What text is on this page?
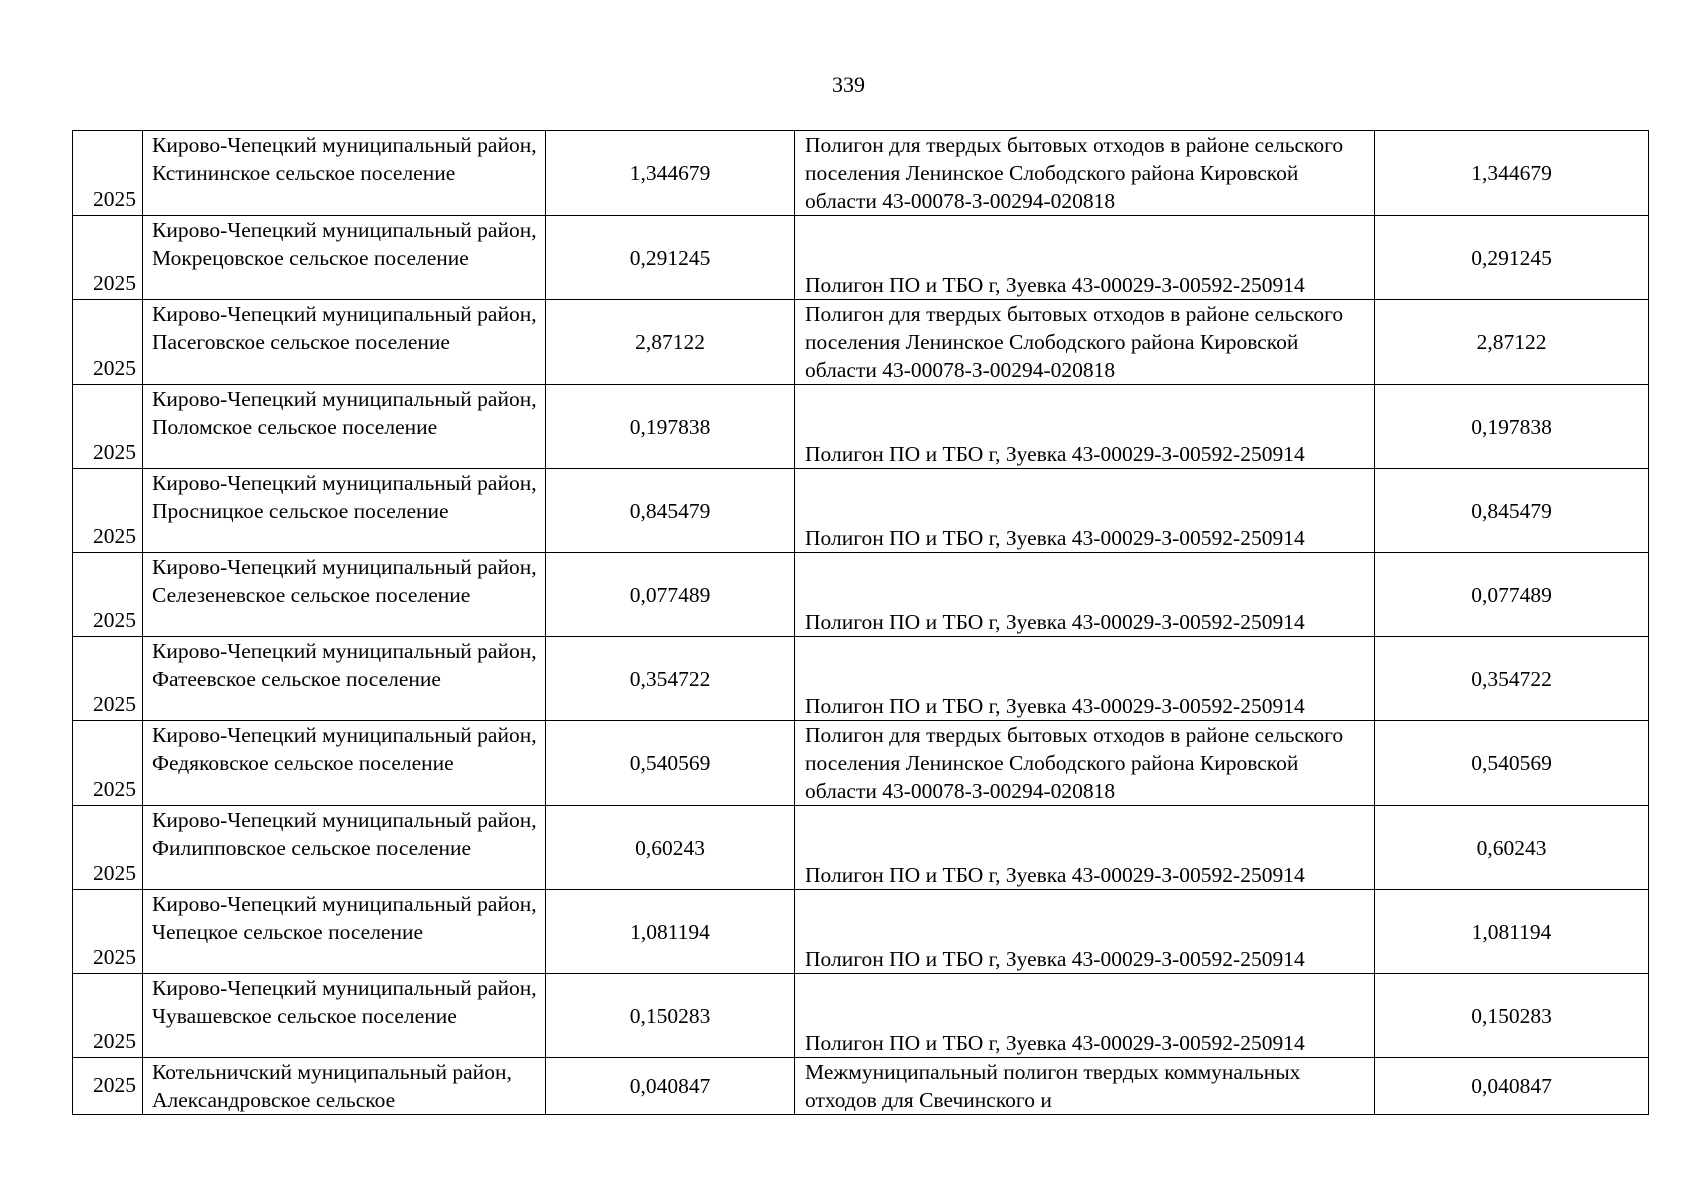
339
2025	Кирово-Чепецкий муниципальный район, Кстининское сельское поселение	1,344679	Полигон для твердых бытовых отходов в районе сельского поселения Ленинское Слободского района Кировской области 43-00078-З-00294-020818	1,344679
2025	Кирово-Чепецкий муниципальный район, Мокрецовское сельское поселение	0,291245	Полигон ПО и ТБО г, Зуевка 43-00029-З-00592-250914	0,291245
2025	Кирово-Чепецкий муниципальный район, Пасеговское сельское поселение	2,87122	Полигон для твердых бытовых отходов в районе сельского поселения Ленинское Слободского района Кировской области 43-00078-З-00294-020818	2,87122
2025	Кирово-Чепецкий муниципальный район, Поломское сельское поселение	0,197838	Полигон ПО и ТБО г, Зуевка 43-00029-З-00592-250914	0,197838
2025	Кирово-Чепецкий муниципальный район, Просницкое сельское поселение	0,845479	Полигон ПО и ТБО г, Зуевка 43-00029-З-00592-250914	0,845479
2025	Кирово-Чепецкий муниципальный район, Селезеневское сельское поселение	0,077489	Полигон ПО и ТБО г, Зуевка 43-00029-З-00592-250914	0,077489
2025	Кирово-Чепецкий муниципальный район, Фатеевское сельское поселение	0,354722	Полигон ПО и ТБО г, Зуевка 43-00029-З-00592-250914	0,354722
2025	Кирово-Чепецкий муниципальный район, Федяковское сельское поселение	0,540569	Полигон для твердых бытовых отходов в районе сельского поселения Ленинское Слободского района Кировской области 43-00078-З-00294-020818	0,540569
2025	Кирово-Чепецкий муниципальный район, Филипповское сельское поселение	0,60243	Полигон ПО и ТБО г, Зуевка 43-00029-З-00592-250914	0,60243
2025	Кирово-Чепецкий муниципальный район, Чепецкое сельское поселение	1,081194	Полигон ПО и ТБО г, Зуевка 43-00029-З-00592-250914	1,081194
2025	Кирово-Чепецкий муниципальный район, Чувашевское сельское поселение	0,150283	Полигон ПО и ТБО г, Зуевка 43-00029-З-00592-250914	0,150283
2025	Котельничский муниципальный район, Александровское сельское	0,040847	Межмуниципальный полигон твердых коммунальных отходов для Свечинского и	0,040847
